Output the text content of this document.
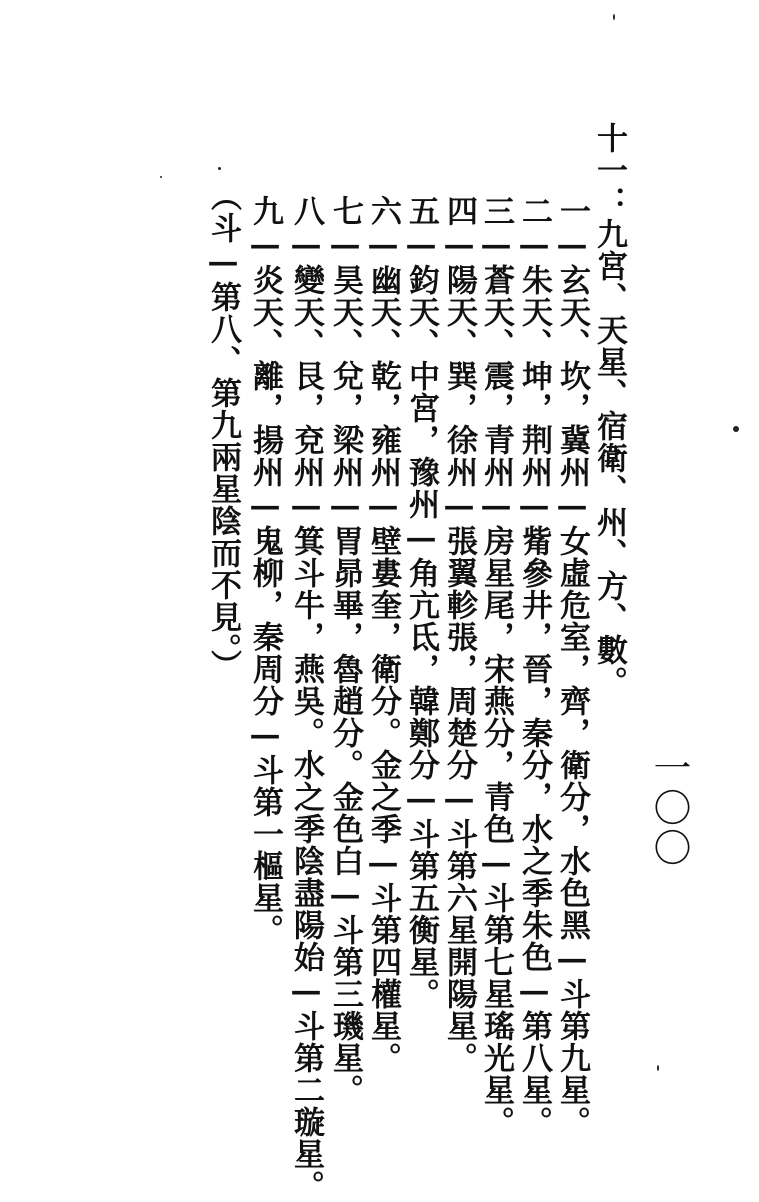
十一：九宮、天星、宿衛、州、方、數。
一—玄天、坎，冀州—女虛危室，齊，衛分，水色黑—斗第九星。
二—朱天、坤，荆州—觜參井，晉，秦分，水之季朱色—第八星。
三—蒼天、震，青州—房星尾，宋燕分，青色—斗第七星瑤光星。
四—陽天、巽，徐州—張翼軫張，周楚分—斗第六星開陽星。
五—鈞天、中宮，豫州—角亢氐，韓鄭分—斗第五衡星。
六—幽天、乾，雍州—壁婁奎，衛分。金之季—斗第四權星。
七—昊天、兌，梁州—胃昴畢，魯趙分。金色白—斗第三璣星。
八—變天、艮，兗州—箕斗牛，燕吳。水之季陰盡陽始—斗第二璇星。
九—炎天、離，揚州—鬼柳，秦周分—斗第一樞星。
（斗—第八、第九兩星陰而不見。）
一〇〇
